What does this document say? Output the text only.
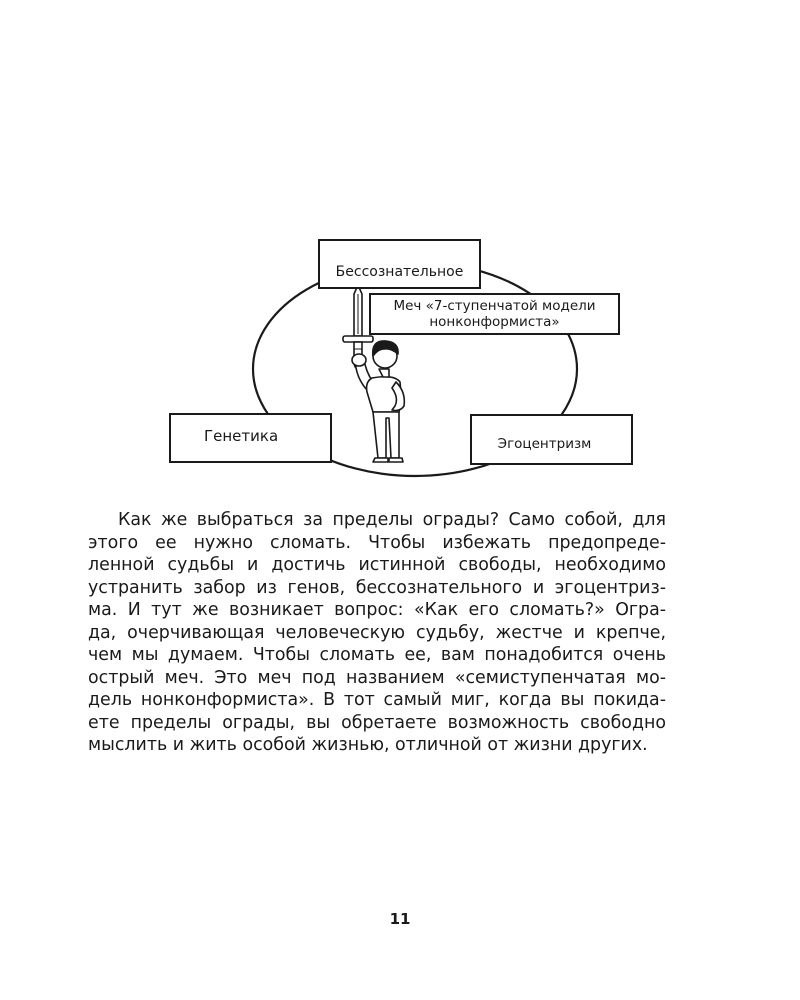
Бессознательное
Меч «7-ступенчатой модели
нонконформиста»
Генетика	Эгоцентризм
Как же выбраться за пределы ограды? Само собой, для
этого ее нужно сломать. Чтобы избежать предопреде-
ленной судьбы и достичь истинной свободы, необходимо
устранить забор из генов, бессознательного и эгоцентриз-
ма. И тут же возникает вопрос: «Как его сломать?» Огра-
да, очерчивающая человеческую судьбу, жестче и крепче,
чем мы думаем. Чтобы сломать ее, вам понадобится очень
острый меч. Это меч под названием «семиступенчатая мо-
дель нонконформиста». В тот самый миг, когда вы покида-
ете пределы ограды, вы обретаете возможность свободно
мыслить и жить особой жизнью, отличной от жизни других.
11
